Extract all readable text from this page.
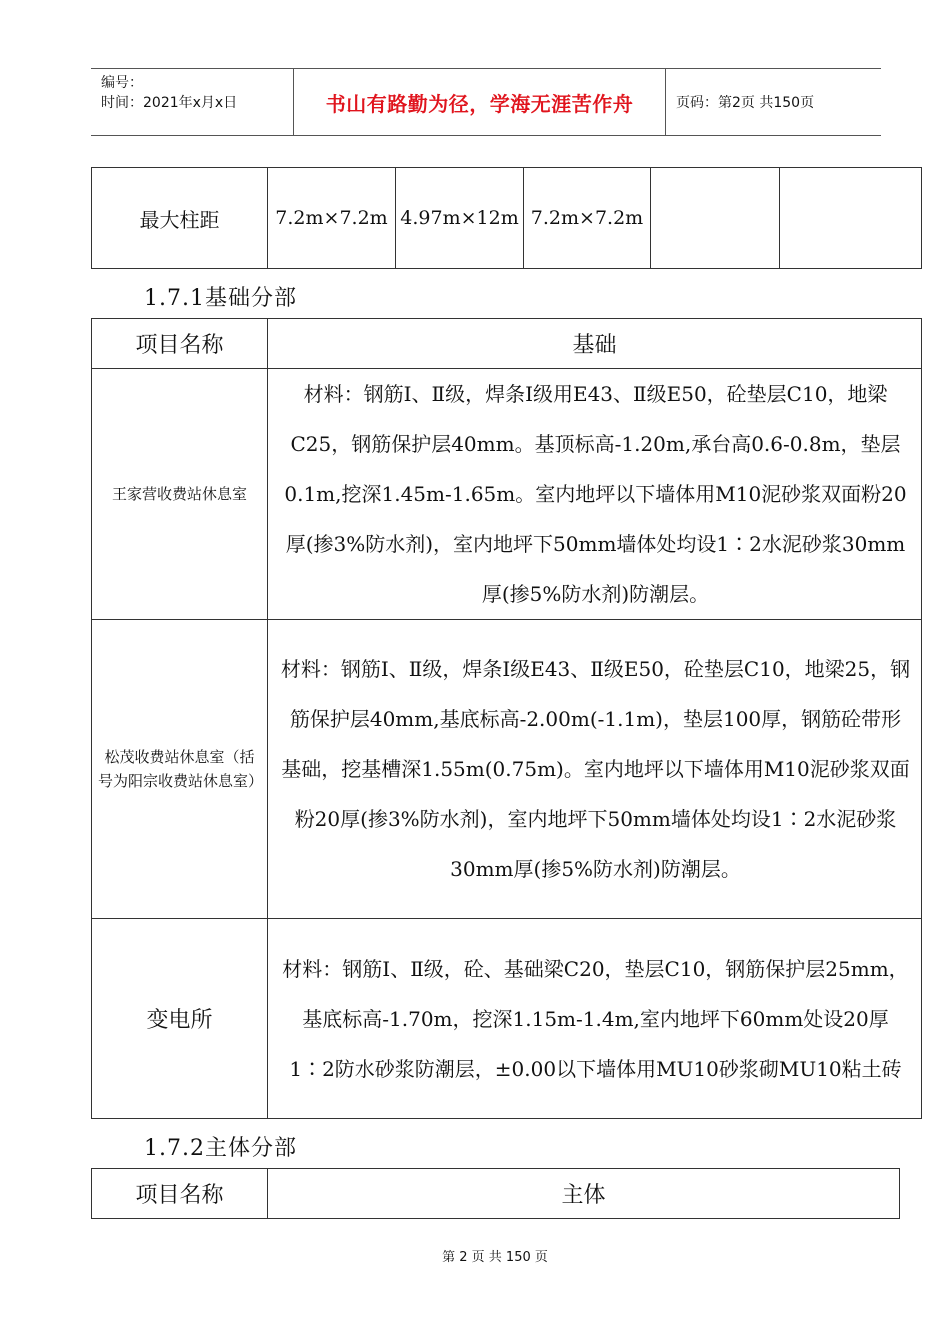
编号：
时间：2021年x月x日	书山有路勤为径，学海无涯苦作舟	页码：第2页 共150页
最大柱距	7.2m×7.2m	4.97m×12m	7.2m×7.2m		
1.7.1基础分部
项目名称	基础
王家营收费站休息室	材料：钢筋Ⅰ、Ⅱ级，焊条Ⅰ级用E43、Ⅱ级E50，砼垫层C10，地梁C25，钢筋保护层40mm。基顶标高-1.20m,承台高0.6-0.8m，垫层0.1m,挖深1.45m-1.65m。室内地坪以下墙体用M10泥砂浆双面粉20厚(掺3%防水剂)，室内地坪下50mm墙体处均设1∶2水泥砂浆30mm厚(掺5%防水剂)防潮层。
松茂收费站休息室（括号为阳宗收费站休息室）	材料：钢筋Ⅰ、Ⅱ级，焊条Ⅰ级E43、Ⅱ级E50，砼垫层C10，地梁25，钢筋保护层40mm,基底标高-2.00m(-1.1m)，垫层100厚，钢筋砼带形基础，挖基槽深1.55m(0.75m)。室内地坪以下墙体用M10泥砂浆双面粉20厚(掺3%防水剂)，室内地坪下50mm墙体处均设1∶2水泥砂浆30mm厚(掺5%防水剂)防潮层。
变电所	材料：钢筋Ⅰ、Ⅱ级，砼、基础梁C20，垫层C10，钢筋保护层25mm，基底标高-1.70m，挖深1.15m-1.4m,室内地坪下60mm处设20厚1∶2防水砂浆防潮层，±0.00以下墙体用MU10砂浆砌MU10粘土砖
1.7.2主体分部
项目名称	主体
第 2 页 共 150 页
